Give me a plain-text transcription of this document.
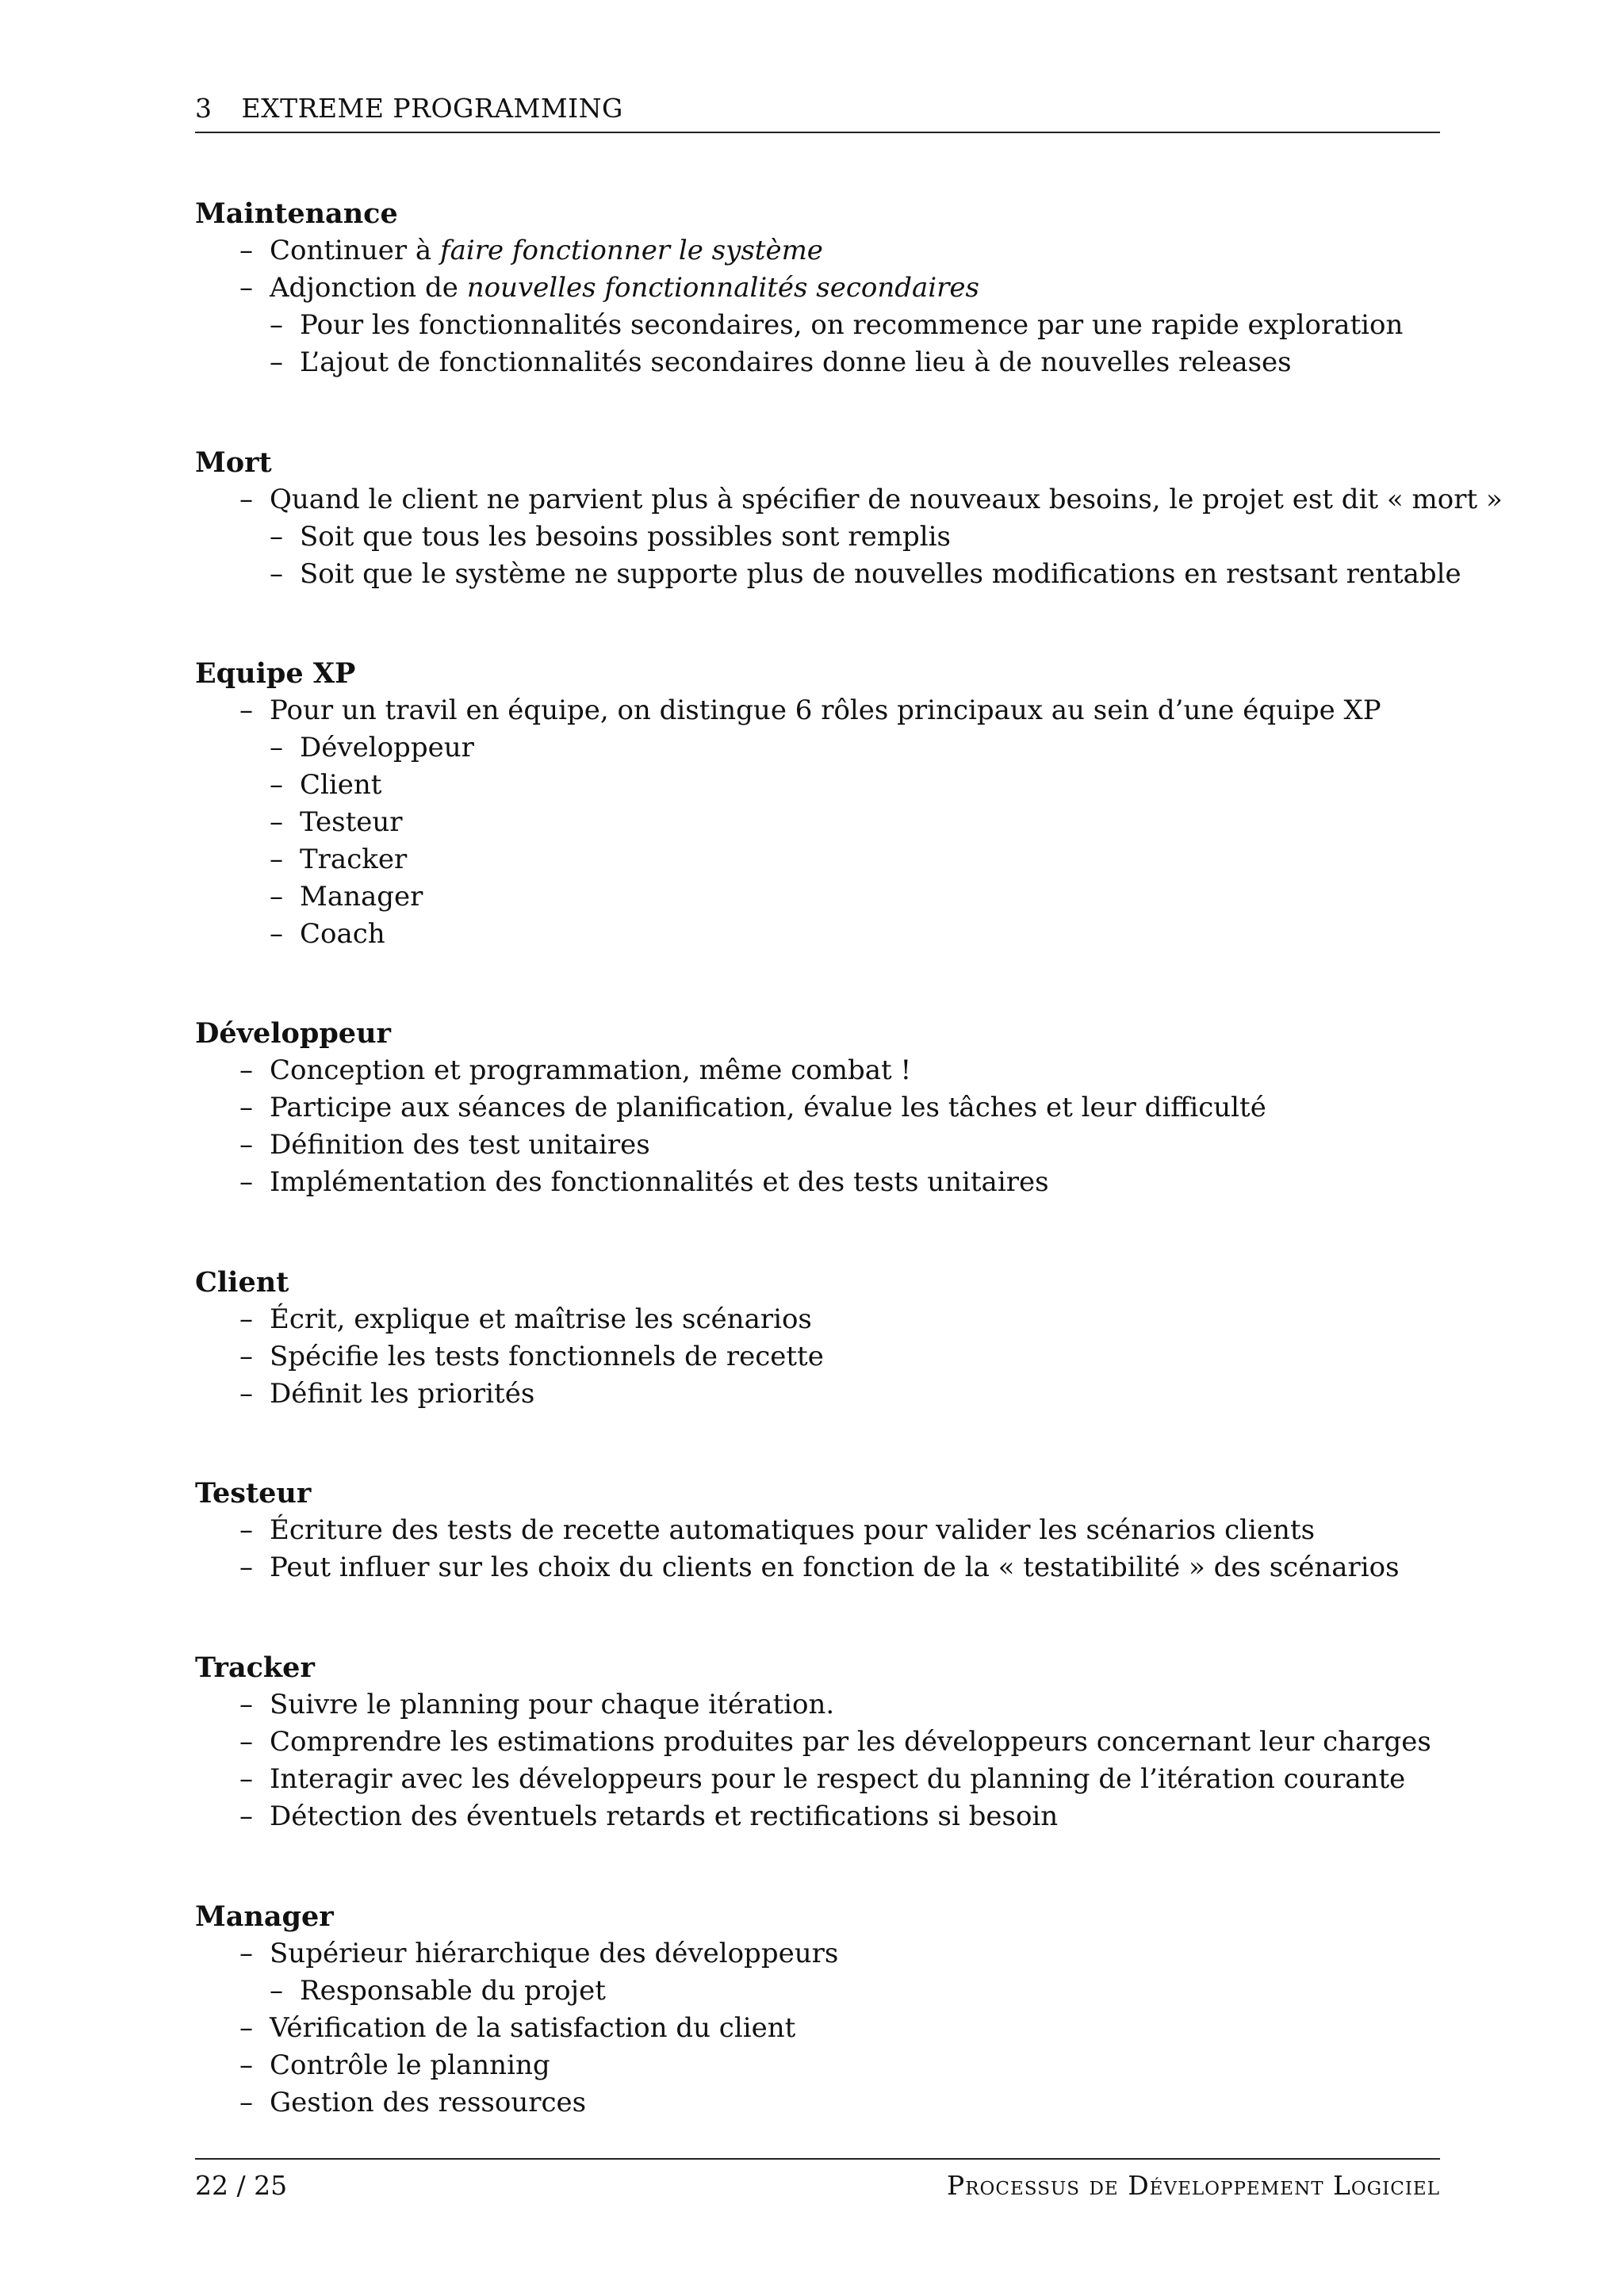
3 EXTREME PROGRAMMING
Maintenance
– Continuer à faire fonctionner le système
– Adjonction de nouvelles fonctionnalités secondaires
– Pour les fonctionnalités secondaires, on recommence par une rapide exploration
– L’ajout de fonctionnalités secondaires donne lieu à de nouvelles releases
Mort
– Quand le client ne parvient plus à spécifier de nouveaux besoins, le projet est dit « mort »
– Soit que tous les besoins possibles sont remplis
– Soit que le système ne supporte plus de nouvelles modifications en restsant rentable
Equipe XP
– Pour un travil en équipe, on distingue 6 rôles principaux au sein d’une équipe XP
– Développeur
– Client
– Testeur
– Tracker
– Manager
– Coach
Développeur
– Conception et programmation, même combat !
– Participe aux séances de planification, évalue les tâches et leur difficulté
– Définition des test unitaires
– Implémentation des fonctionnalités et des tests unitaires
Client
– Écrit, explique et maîtrise les scénarios
– Spécifie les tests fonctionnels de recette
– Définit les priorités
Testeur
– Écriture des tests de recette automatiques pour valider les scénarios clients
– Peut influer sur les choix du clients en fonction de la « testatibilité » des scénarios
Tracker
– Suivre le planning pour chaque itération.
– Comprendre les estimations produites par les développeurs concernant leur charges
– Interagir avec les développeurs pour le respect du planning de l’itération courante
– Détection des éventuels retards et rectifications si besoin
Manager
– Supérieur hiérarchique des développeurs
– Responsable du projet
– Vérification de la satisfaction du client
– Contrôle le planning
– Gestion des ressources
22 / 25	Processus de Développement Logiciel
